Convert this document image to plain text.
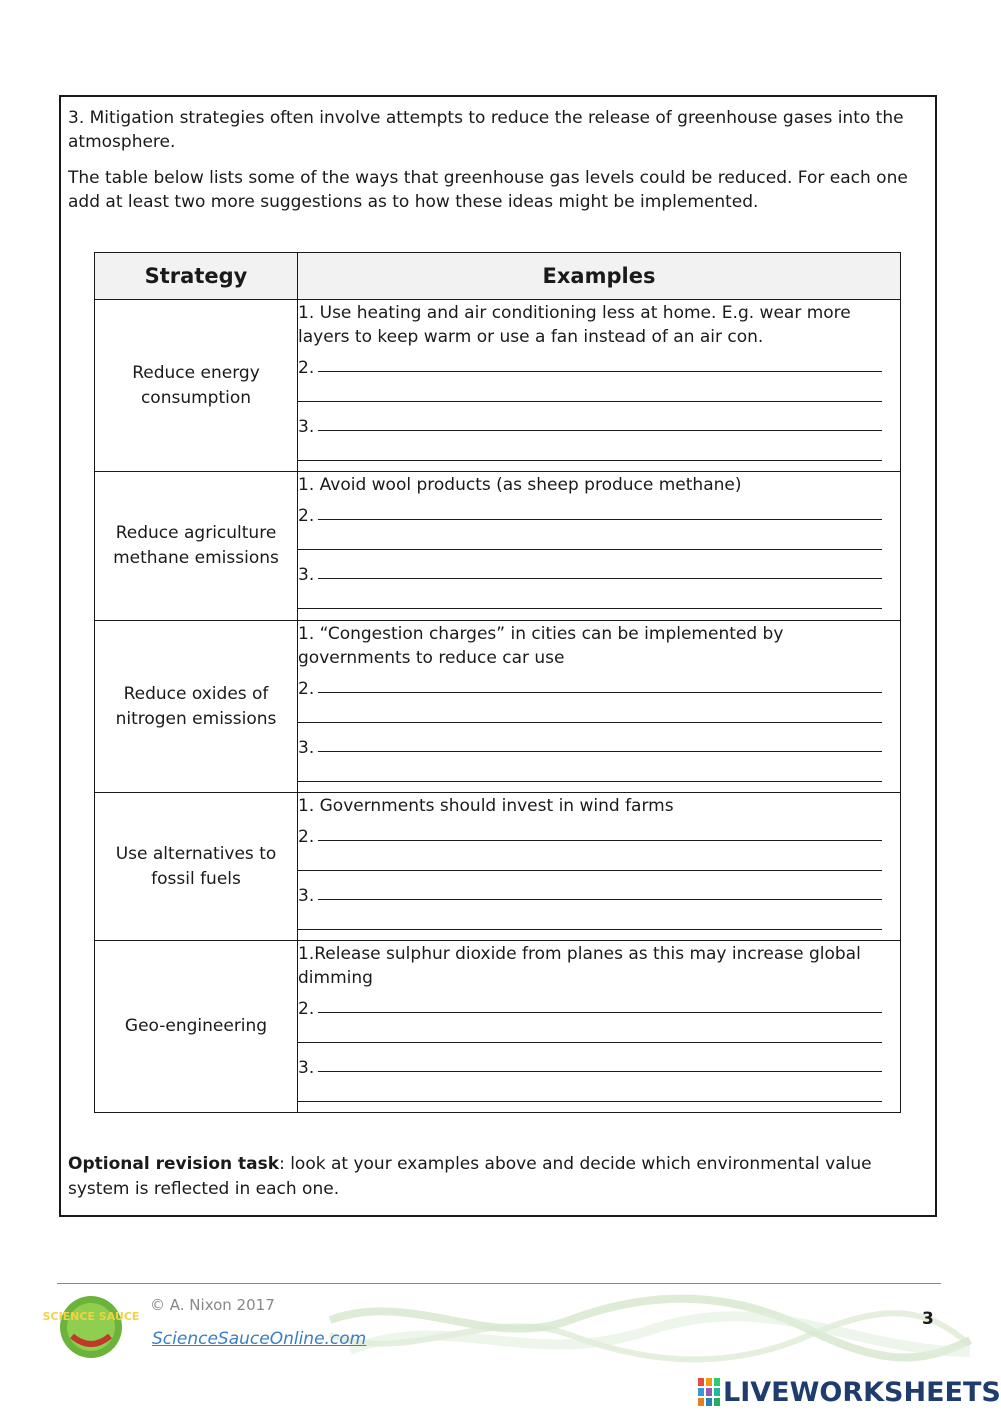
3. Mitigation strategies often involve attempts to reduce the release of greenhouse gases into the atmosphere.
The table below lists some of the ways that greenhouse gas levels could be reduced. For each one add at least two more suggestions as to how these ideas might be implemented.
Strategy	Examples
Reduce energy consumption	1. Use heating and air conditioning less at home. E.g. wear more layers to keep warm or use a fan instead of an air con.
2.
3.

Reduce agriculture methane emissions	1. Avoid wool products (as sheep produce methane)
2.
3.

Reduce oxides of nitrogen emissions	1. “Congestion charges” in cities can be implemented by governments to reduce car use
2.
3.

Use alternatives to fossil fuels	1. Governments should invest in wind farms
2.
3.

Geo-engineering	1.Release sulphur dioxide from planes as this may increase global dimming
2.
3.
Optional revision task: look at your examples above and decide which environmental value system is reflected in each one.
SCIENCE SAUCE
© A. Nixon 2017
ScienceSauceOnline.com
3
LIVEWORKSHEETS
